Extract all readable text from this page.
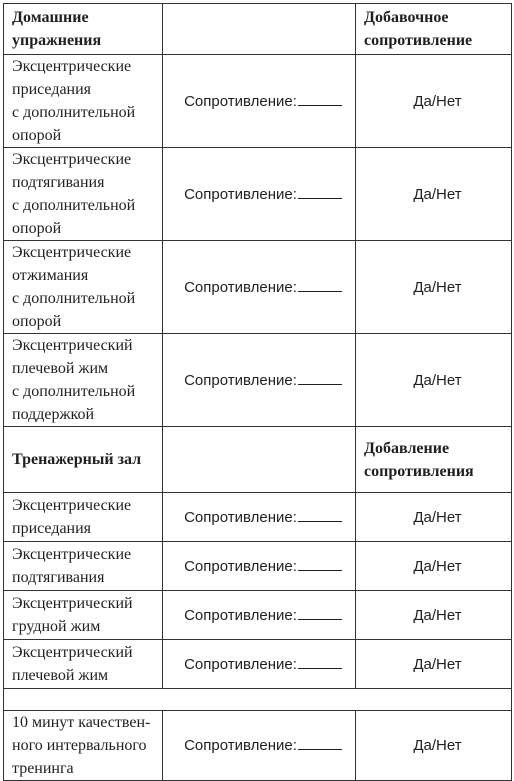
Домашние
упражнения		Добавочное
сопротивление

Эксцентрические
приседания
с дополнительной
опорой	Сопротивление:	Да/Нет

Эксцентрические
подтягивания
с дополнительной
опорой	Сопротивление:	Да/Нет

Эксцентрические
отжимания
с дополнительной
опорой	Сопротивление:	Да/Нет

Эксцентрический
плечевой жим
с дополнительной
поддержкой	Сопротивление:	Да/Нет

Тренажерный зал		Добавление
сопротивления

Эксцентрические
приседания	Сопротивление:	Да/Нет

Эксцентрические
подтягивания	Сопротивление:	Да/Нет

Эксцентрический
грудной жим	Сопротивление:	Да/Нет

Эксцентрический
плечевой жим	Сопротивление:	Да/Нет

10 минут качествен-
ного интервального
тренинга	Сопротивление:	Да/Нет
